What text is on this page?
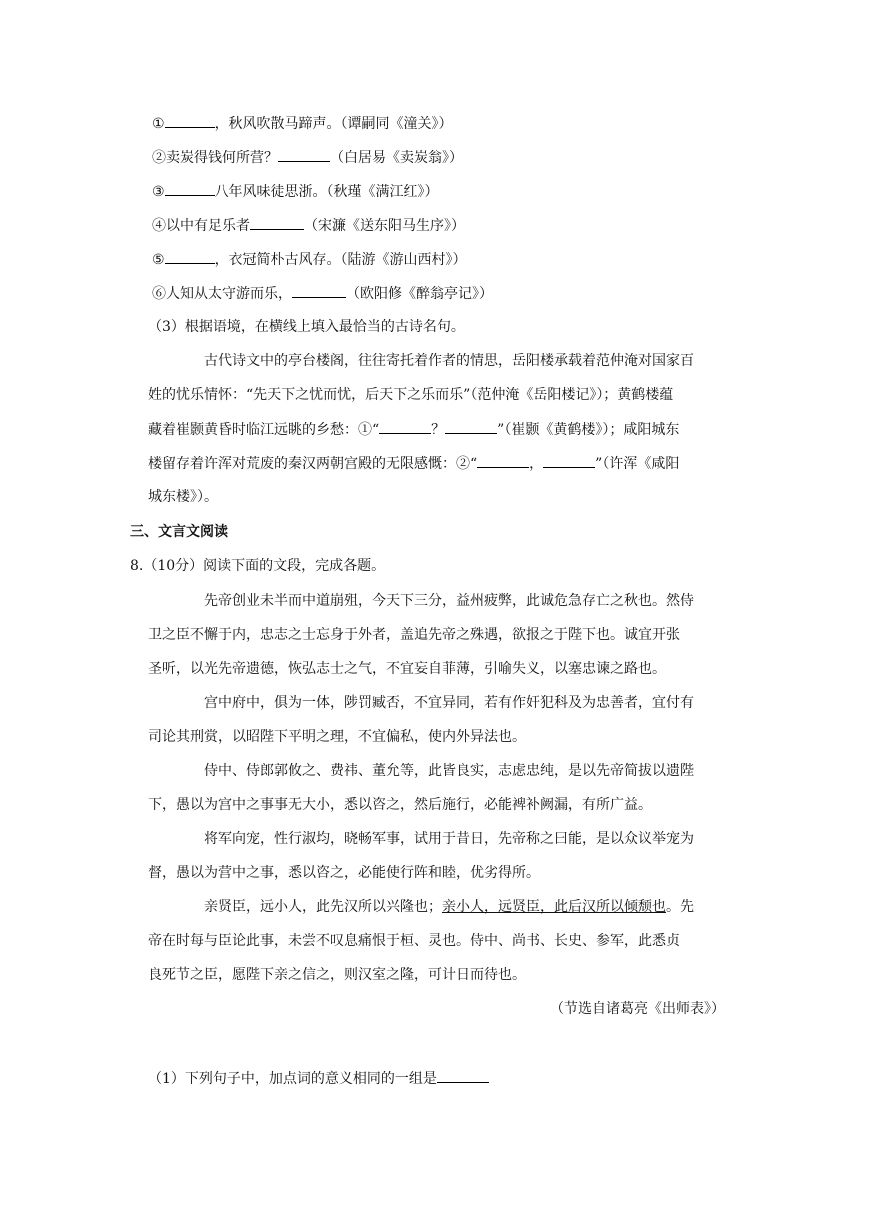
①	，秋风吹散马蹄声。（谭嗣同《潼关》）
②卖炭得钱何所营？	（白居易《卖炭翁》）
③	八年风味徒思浙。（秋瑾《满江红》）
④以中有足乐者	（宋濂《送东阳马生序》）
⑤	，衣冠简朴古风存。（陆游《游山西村》）
⑥人知从太守游而乐，	（欧阳修《醉翁亭记》）
（3）根据语境，在横线上填入最恰当的古诗名句。
古代诗文中的亭台楼阁，往往寄托着作者的情思，岳阳楼承载着范仲淹对国家百
姓的忧乐情怀：“先天下之忧而忧，后天下之乐而乐”（范仲淹《岳阳楼记》）；黄鹤楼蕴
藏着崔颢黄昏时临江远眺的乡愁：①“	？	”（崔颢《黄鹤楼》）；咸阳城东
楼留存着许浑对荒废的秦汉两朝宫殿的无限感慨：②“	，	”（许浑《咸阳
城东楼》）。
三、文言文阅读
8.（10分）阅读下面的文段，完成各题。
先帝创业未半而中道崩殂，今天下三分，益州疲弊，此诚危急存亡之秋也。然侍
卫之臣不懈于内，忠志之士忘身于外者，盖追先帝之殊遇，欲报之于陛下也。诚宜开张
圣听，以光先帝遗德，恢弘志士之气，不宜妄自菲薄，引喻失义，以塞忠谏之路也。
宫中府中，俱为一体，陟罚臧否，不宜异同，若有作奸犯科及为忠善者，宜付有
司论其刑赏，以昭陛下平明之理，不宜偏私，使内外异法也。
侍中、侍郎郭攸之、费祎、董允等，此皆良实，志虑忠纯，是以先帝简拔以遗陛
下，愚以为宫中之事事无大小，悉以咨之，然后施行，必能裨补阙漏，有所广益。
将军向宠，性行淑均，晓畅军事，试用于昔日，先帝称之曰能，是以众议举宠为
督，愚以为营中之事，悉以咨之，必能使行阵和睦，优劣得所。
亲贤臣，远小人，此先汉所以兴隆也；亲小人，远贤臣，此后汉所以倾颓也。先
帝在时每与臣论此事，未尝不叹息痛恨于桓、灵也。侍中、尚书、长史、参军，此悉贞
良死节之臣，愿陛下亲之信之，则汉室之隆，可计日而待也。
（节选自诸葛亮《出师表》）
（1）下列句子中，加点词的意义相同的一组是
